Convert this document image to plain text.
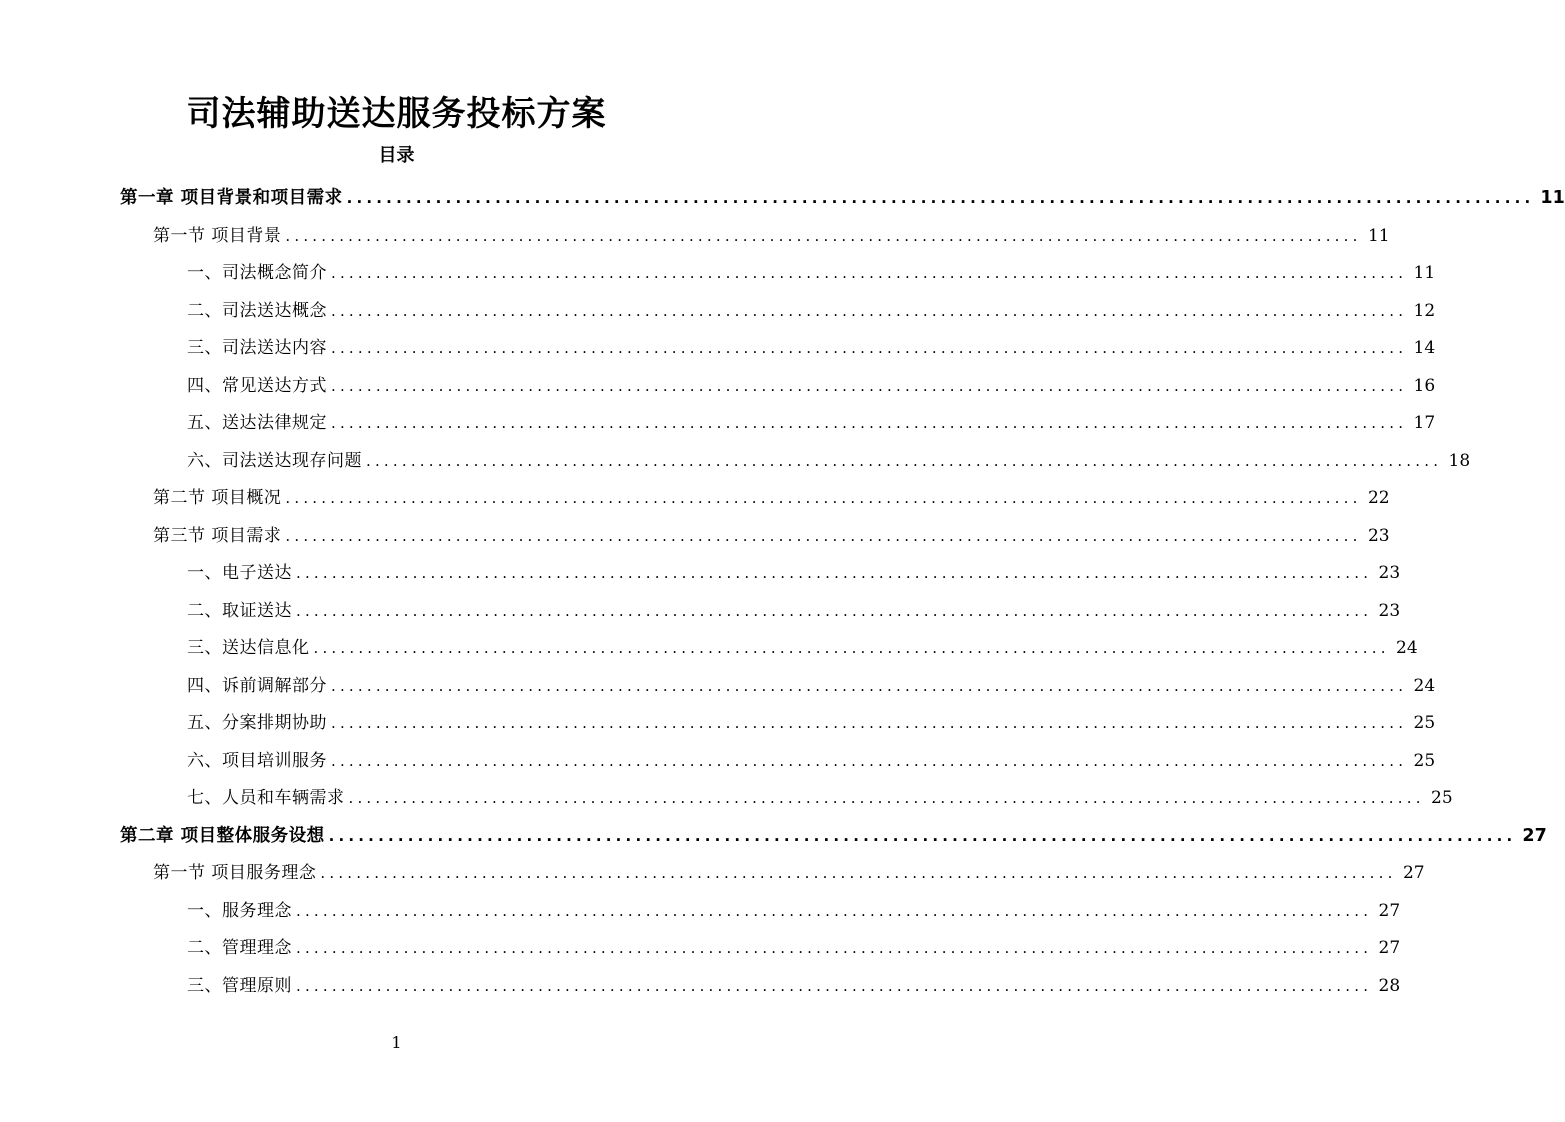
司法辅助送达服务投标方案
目录
第一章 项目背景和项目需求 ........................................................................................................................ 11
第一节 项目背景 ........................................................................................................................ 11
一、司法概念简介 ........................................................................................................................ 11
二、司法送达概念 ........................................................................................................................ 12
三、司法送达内容 ........................................................................................................................ 14
四、常见送达方式 ........................................................................................................................ 16
五、送达法律规定 ........................................................................................................................ 17
六、司法送达现存问题 ........................................................................................................................ 18
第二节 项目概况 ........................................................................................................................ 22
第三节 项目需求 ........................................................................................................................ 23
一、电子送达 ........................................................................................................................ 23
二、取证送达 ........................................................................................................................ 23
三、送达信息化 ........................................................................................................................ 24
四、诉前调解部分 ........................................................................................................................ 24
五、分案排期协助 ........................................................................................................................ 25
六、项目培训服务 ........................................................................................................................ 25
七、人员和车辆需求 ........................................................................................................................ 25
第二章 项目整体服务设想 ........................................................................................................................ 27
第一节 项目服务理念 ........................................................................................................................ 27
一、服务理念 ........................................................................................................................ 27
二、管理理念 ........................................................................................................................ 27
三、管理原则 ........................................................................................................................ 28
1
